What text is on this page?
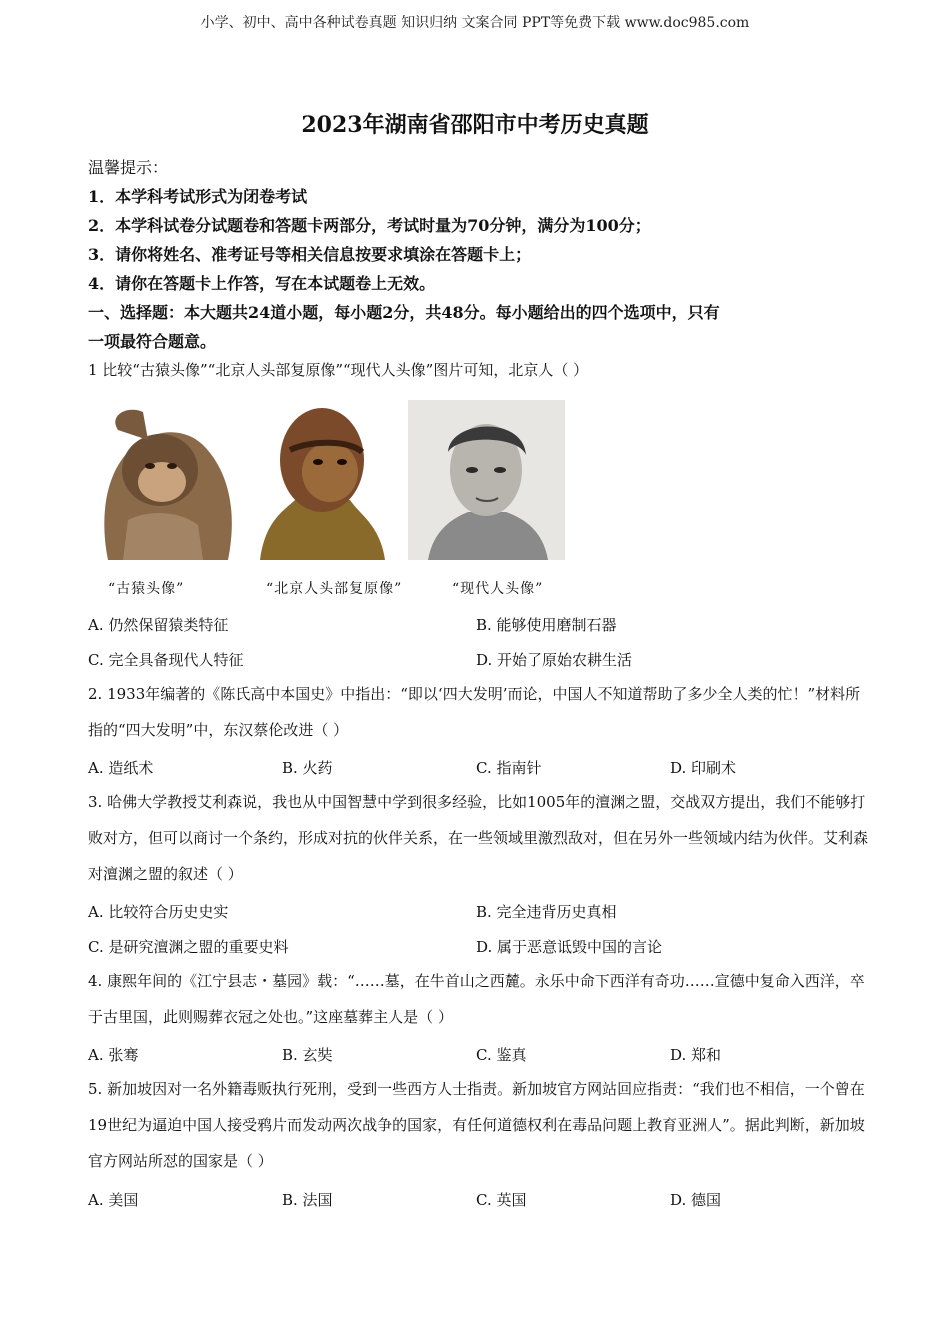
小学、初中、高中各种试卷真题 知识归纳 文案合同 PPT等免费下载 www.doc985.com
2023年湖南省邵阳市中考历史真题
温馨提示：
1．本学科考试形式为闭卷考试
2．本学科试卷分试题卷和答题卡两部分，考试时量为70分钟，满分为100分；
3．请你将姓名、准考证号等相关信息按要求填涂在答题卡上；
4．请你在答题卡上作答，写在本试题卷上无效。
一、选择题：本大题共24道小题，每小题2分，共48分。每小题给出的四个选项中，只有
一项最符合题意。
1 比较“古猿头像”“北京人头部复原像”“现代人头像”图片可知，北京人（ ）
“古猿头像”	“北京人头部复原像”	“现代人头像”
A. 仍然保留猿类特征	B. 能够使用磨制石器
C. 完全具备现代人特征	D. 开始了原始农耕生活
2. 1933年编著的《陈氏高中本国史》中指出：“即以‘四大发明’而论，中国人不知道帮助了多少全人类的忙！”材料所指的“四大发明”中，东汉蔡伦改进（ ）
A. 造纸术	B. 火药	C. 指南针	D. 印刷术
3. 哈佛大学教授艾利森说，我也从中国智慧中学到很多经验，比如1005年的澶渊之盟，交战双方提出，我们不能够打败对方，但可以商讨一个条约，形成对抗的伙伴关系，在一些领域里激烈敌对，但在另外一些领域内结为伙伴。艾利森对澶渊之盟的叙述（ ）
A. 比较符合历史史实	B. 完全违背历史真相
C. 是研究澶渊之盟的重要史料	D. 属于恶意诋毁中国的言论
4. 康熙年间的《江宁县志・墓园》载：“……墓，在牛首山之西麓。永乐中命下西洋有奇功……宣德中复命入西洋，卒于古里国，此则赐葬衣冠之处也。”这座墓葬主人是（ ）
A. 张骞	B. 玄奘	C. 鉴真	D. 郑和
5. 新加坡因对一名外籍毒贩执行死刑，受到一些西方人士指责。新加坡官方网站回应指责：“我们也不相信，一个曾在19世纪为逼迫中国人接受鸦片而发动两次战争的国家，有任何道德权利在毒品问题上教育亚洲人”。据此判断，新加坡官方网站所怼的国家是（ ）
A. 美国	B. 法国	C. 英国	D. 德国
